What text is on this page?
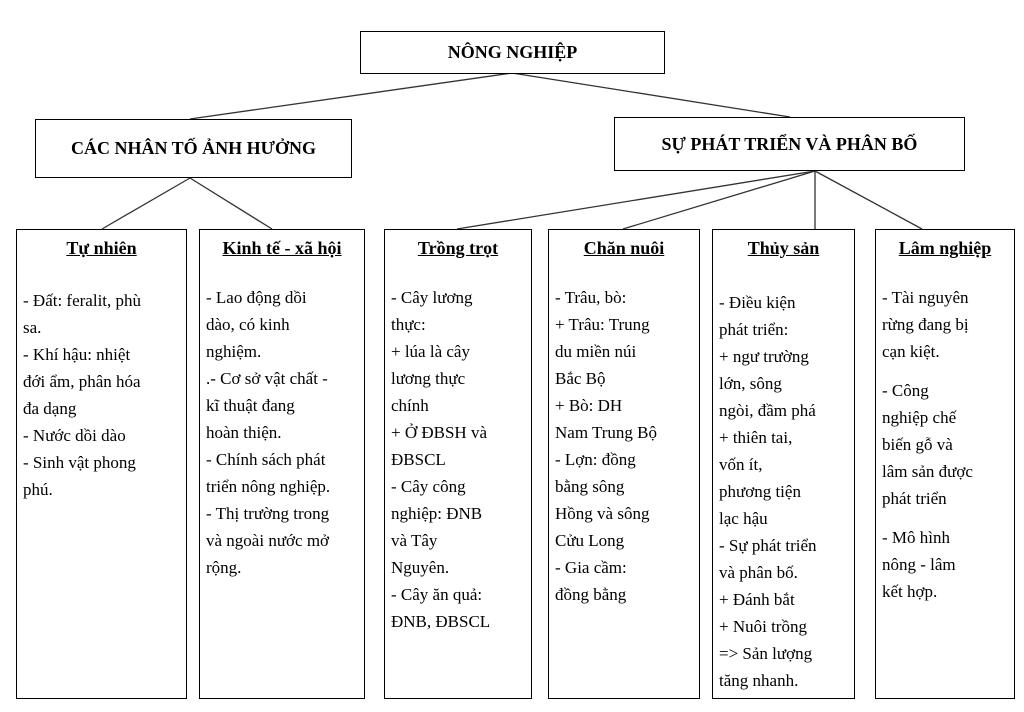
NÔNG NGHIỆP
CÁC NHÂN TỐ ẢNH HƯỞNG	SỰ PHÁT TRIỂN VÀ PHÂN BỐ
Tự nhiên
- Đất: feralit, phù
sa.
- Khí hậu: nhiệt
đới ẩm, phân hóa
đa dạng
- Nước dồi dào
- Sinh vật phong
phú.
Kinh tế - xã hội
- Lao động dồi
dào, có kinh
nghiệm.
.- Cơ sở vật chất -
kĩ thuật đang
hoàn thiện.
- Chính sách phát
triển nông nghiệp.
- Thị trường trong
và ngoài nước mở
rộng.
Trồng trọt
- Cây lương
thực:
+ lúa là cây
lương thực
chính
+ Ở ĐBSH và
ĐBSCL
- Cây công
nghiệp: ĐNB
và Tây
Nguyên.
- Cây ăn quả:
ĐNB, ĐBSCL
Chăn nuôi
- Trâu, bò:
+ Trâu: Trung
du miền núi
Bắc Bộ
+ Bò: DH
Nam Trung Bộ
- Lợn: đồng
bằng sông
Hồng và sông
Cửu Long
- Gia cầm:
đồng bằng
Thủy sản
- Điều kiện
phát triển:
+ ngư trường
lớn, sông
ngòi, đầm phá
+ thiên tai,
vốn ít,
phương tiện
lạc hậu
- Sự phát triển
và phân bố.
+ Đánh bắt
+ Nuôi trồng
=> Sản lượng
tăng nhanh.
Lâm nghiệp
- Tài nguyên
rừng đang bị
cạn kiệt.
- Công
nghiệp chế
biến gỗ và
lâm sản được
phát triển
- Mô hình
nông - lâm
kết hợp.
